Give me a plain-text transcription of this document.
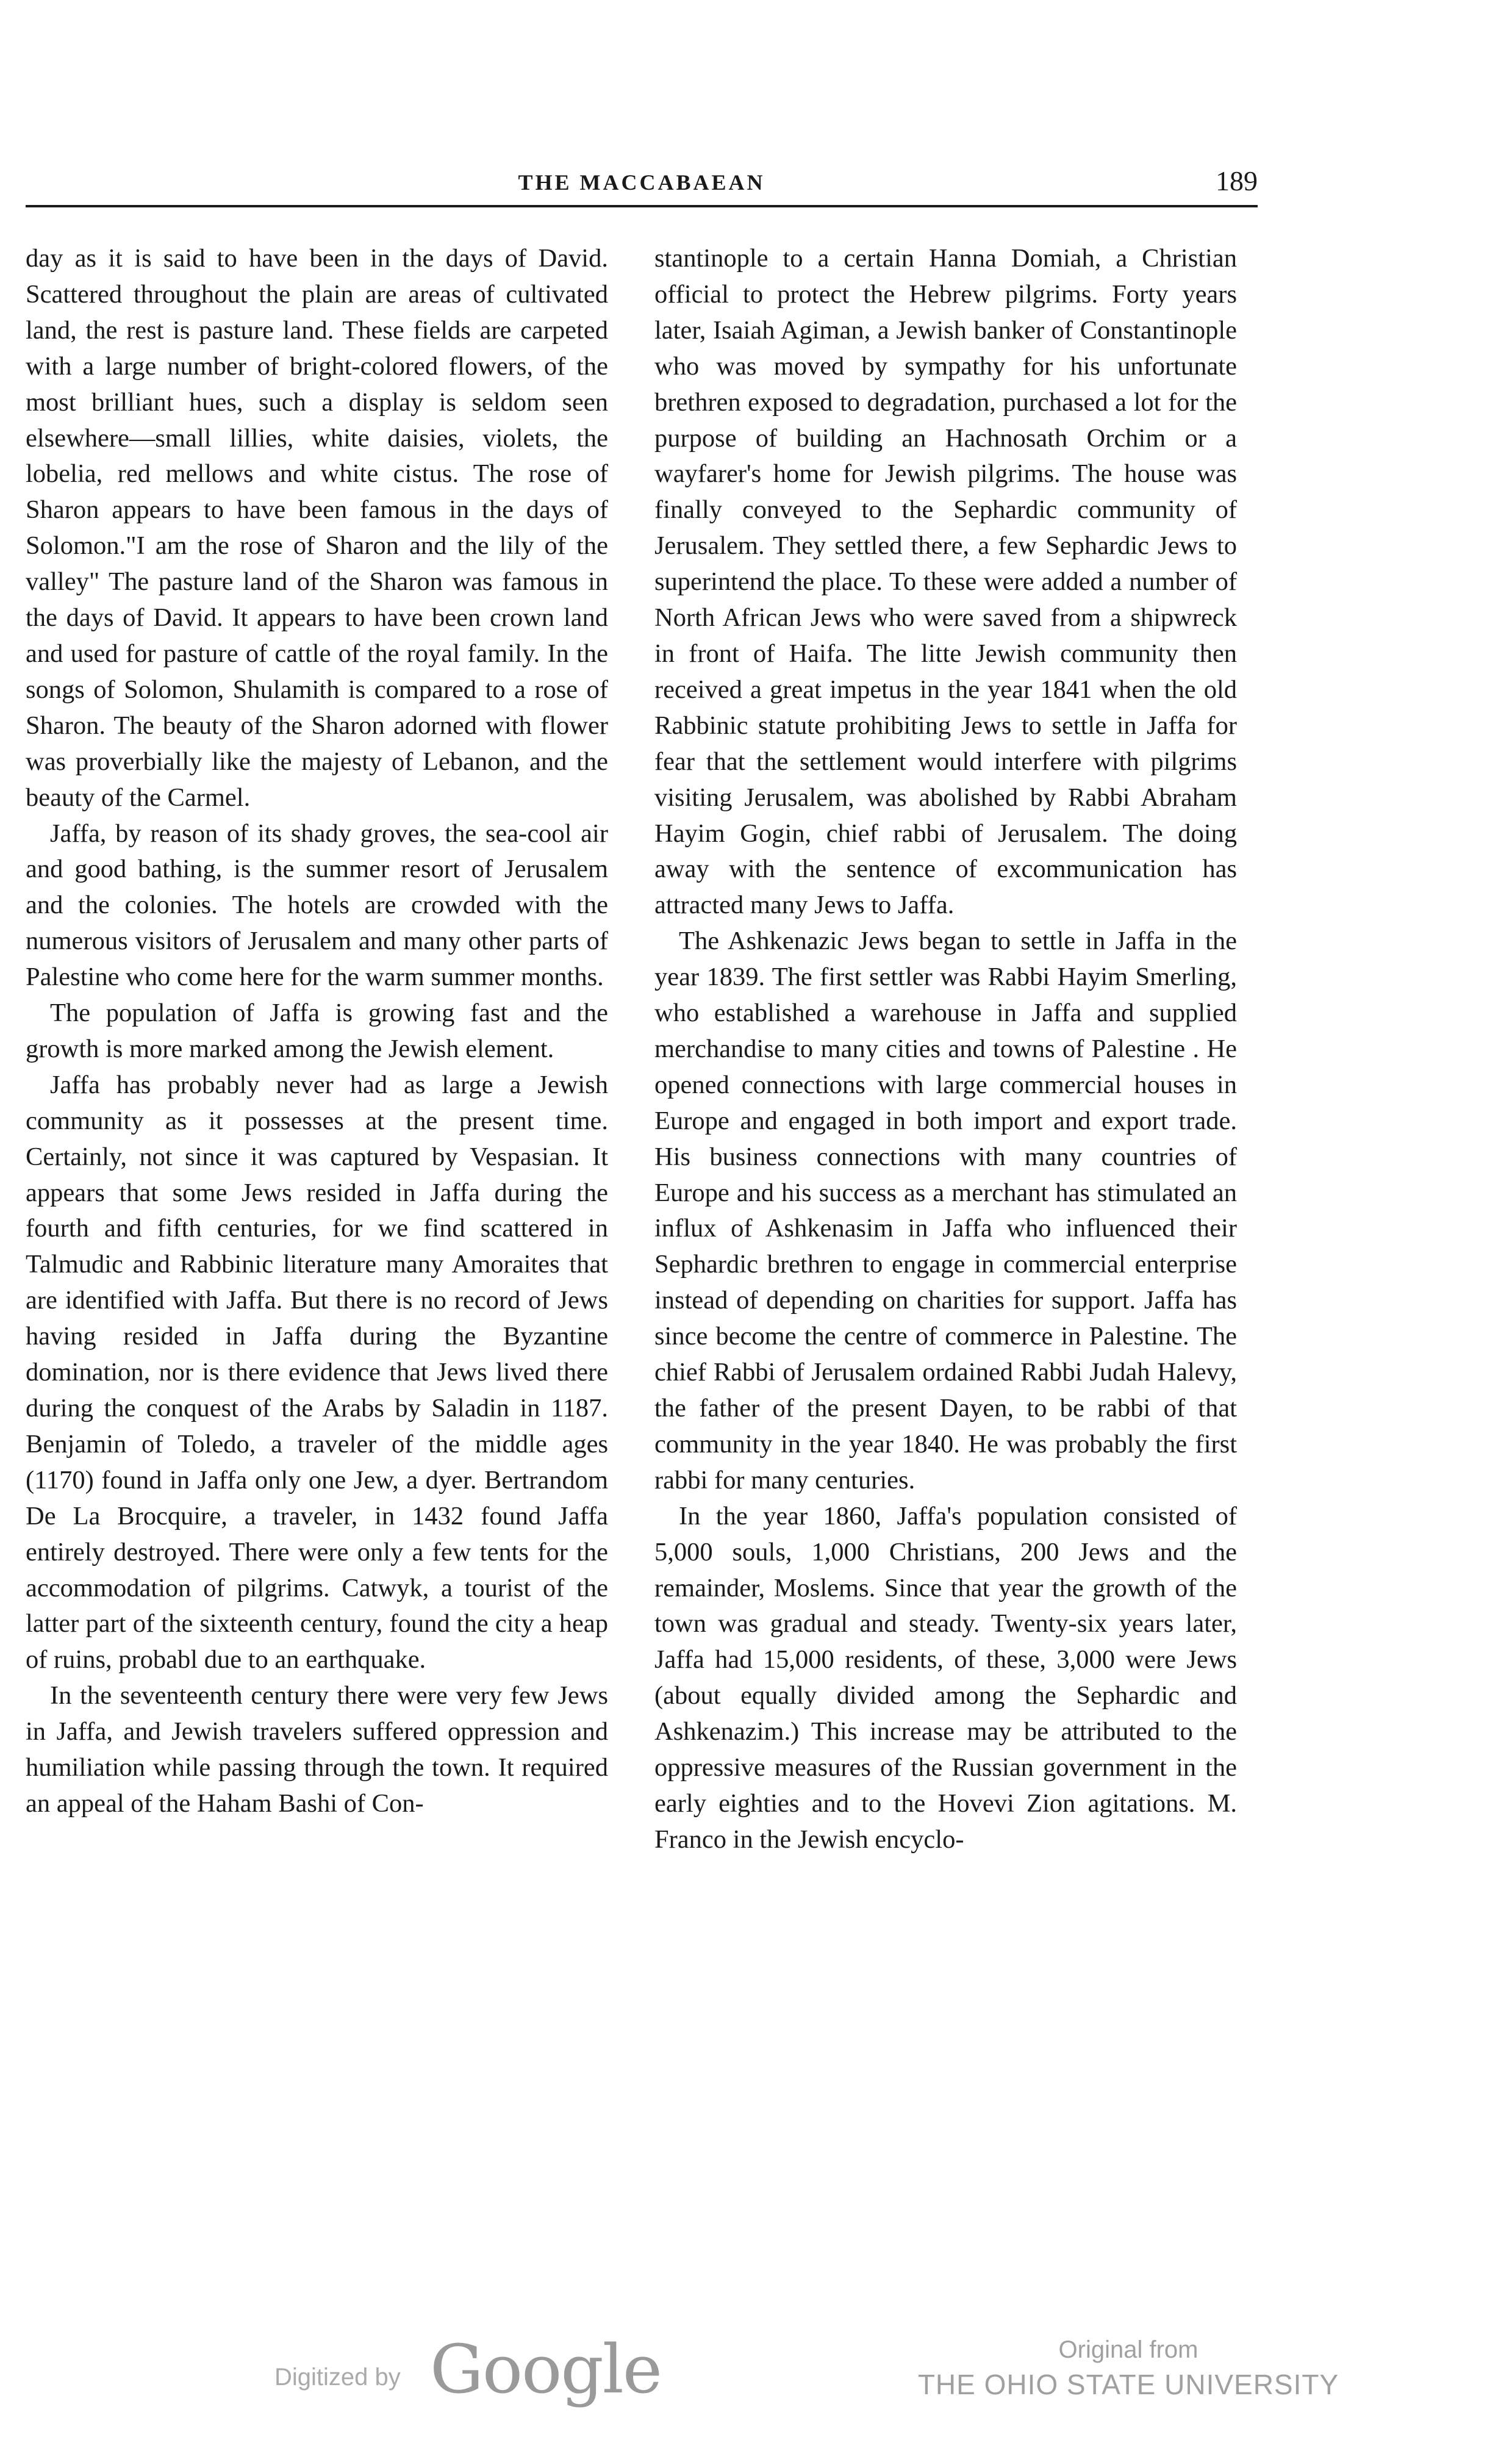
THE MACCABAEAN	189

day as it is said to have been in the days of David. Scattered throughout the plain are areas of cultivated land, the rest is pasture land. These fields are carpeted with a large number of bright-colored flowers, of the most brilliant hues, such a display is seldom seen elsewhere—small lillies, white daisies, violets, the lobelia, red mellows and white cistus. The rose of Sharon appears to have been famous in the days of Solomon."I am the rose of Sharon and the lily of the valley" The pasture land of the Sharon was famous in the days of David. It appears to have been crown land and used for pasture of cattle of the royal family. In the songs of Solomon, Shulamith is compared to a rose of Sharon. The beauty of the Sharon adorned with flower was proverbially like the majesty of Lebanon, and the beauty of the Carmel.

Jaffa, by reason of its shady groves, the sea-cool air and good bathing, is the summer resort of Jerusalem and the colonies. The hotels are crowded with the numerous visitors of Jerusalem and many other parts of Palestine who come here for the warm summer months.

The population of Jaffa is growing fast and the growth is more marked among the Jewish element.

Jaffa has probably never had as large a Jewish community as it possesses at the present time. Certainly, not since it was captured by Vespasian. It appears that some Jews resided in Jaffa during the fourth and fifth centuries, for we find scattered in Talmudic and Rabbinic literature many Amoraites that are identified with Jaffa. But there is no record of Jews having resided in Jaffa during the Byzantine domination, nor is there evidence that Jews lived there during the conquest of the Arabs by Saladin in 1187. Benjamin of Toledo, a traveler of the middle ages (1170) found in Jaffa only one Jew, a dyer. Bertrandom De La Brocquire, a traveler, in 1432 found Jaffa entirely destroyed. There were only a few tents for the accommodation of pilgrims. Catwyk, a tourist of the latter part of the sixteenth century, found the city a heap of ruins, probabl due to an earthquake.

In the seventeenth century there were very few Jews in Jaffa, and Jewish travelers suffered oppression and humiliation while passing through the town. It required an appeal of the Haham Bashi of Con-

stantinople to a certain Hanna Domiah, a Christian official to protect the Hebrew pilgrims. Forty years later, Isaiah Agiman, a Jewish banker of Constantinople who was moved by sympathy for his unfortunate brethren exposed to degradation, purchased a lot for the purpose of building an Hachnosath Orchim or a wayfarer's home for Jewish pilgrims. The house was finally conveyed to the Sephardic community of Jerusalem. They settled there, a few Sephardic Jews to superintend the place. To these were added a number of North African Jews who were saved from a shipwreck in front of Haifa. The litte Jewish community then received a great impetus in the year 1841 when the old Rabbinic statute prohibiting Jews to settle in Jaffa for fear that the settlement would interfere with pilgrims visiting Jerusalem, was abolished by Rabbi Abraham Hayim Gogin, chief rabbi of Jerusalem. The doing away with the sentence of excommunication has attracted many Jews to Jaffa.

The Ashkenazic Jews began to settle in Jaffa in the year 1839. The first settler was Rabbi Hayim Smerling, who established a warehouse in Jaffa and supplied merchandise to many cities and towns of Palestine . He opened connections with large commercial houses in Europe and engaged in both import and export trade. His business connections with many countries of Europe and his success as a merchant has stimulated an influx of Ashkenasim in Jaffa who influenced their Sephardic brethren to engage in commercial enterprise instead of depending on charities for support. Jaffa has since become the centre of commerce in Palestine. The chief Rabbi of Jerusalem ordained Rabbi Judah Halevy, the father of the present Dayen, to be rabbi of that community in the year 1840. He was probably the first rabbi for many centuries.

In the year 1860, Jaffa's population consisted of 5,000 souls, 1,000 Christians, 200 Jews and the remainder, Moslems. Since that year the growth of the town was gradual and steady. Twenty-six years later, Jaffa had 15,000 residents, of these, 3,000 were Jews (about equally divided among the Sephardic and Ashkenazim.) This increase may be attributed to the oppressive measures of the Russian government in the early eighties and to the Hovevi Zion agitations. M. Franco in the Jewish encyclo-

Digitized by Google	Original from
THE OHIO STATE UNIVERSITY
